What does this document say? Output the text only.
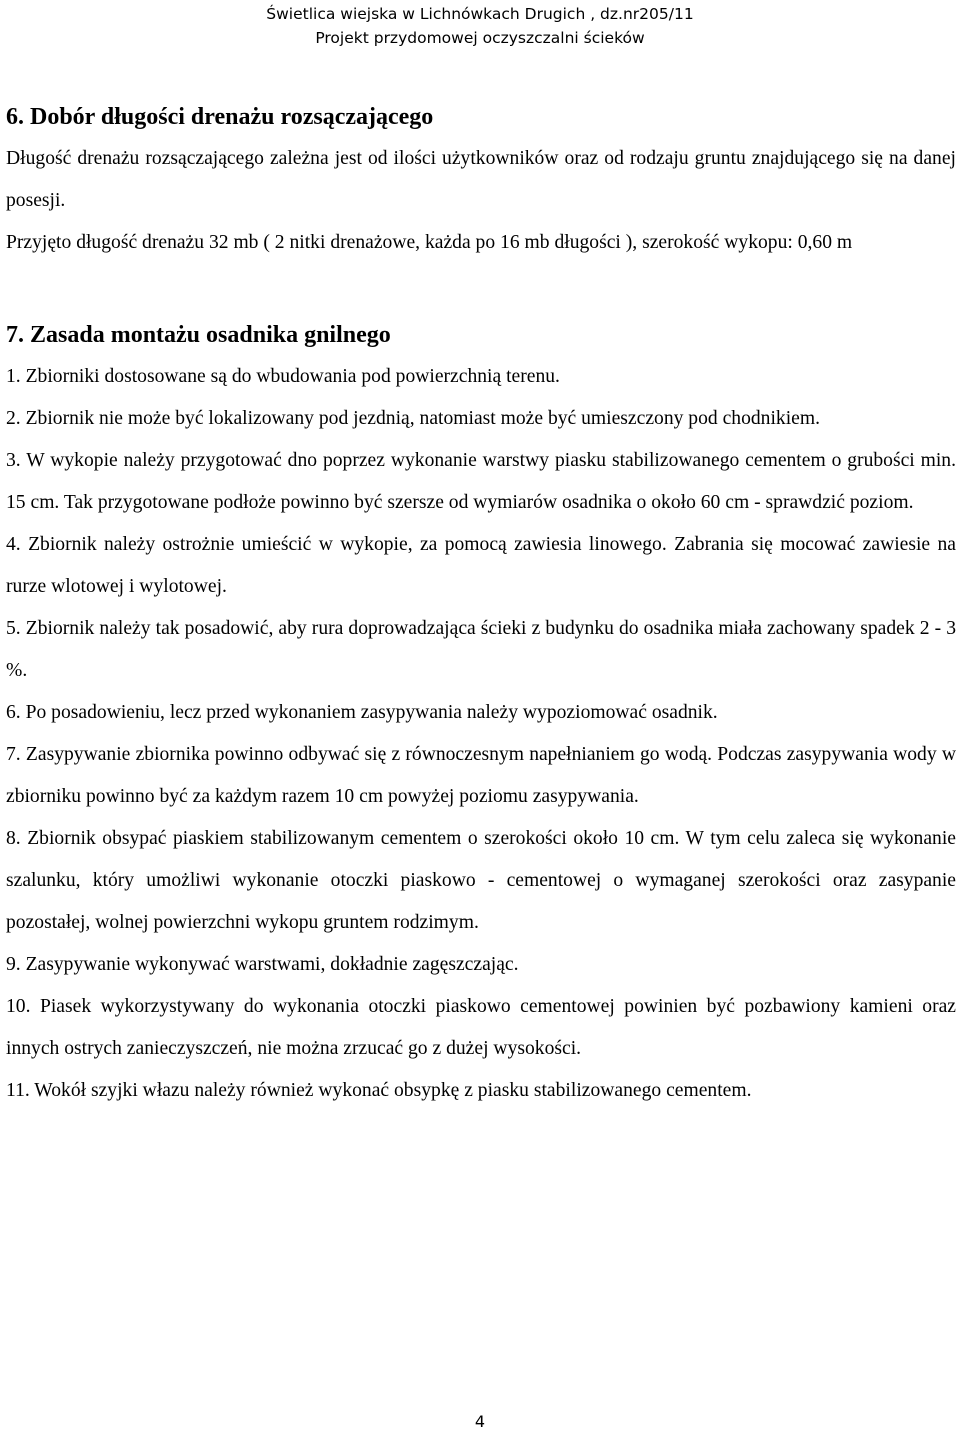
Świetlica wiejska w Lichnówkach Drugich , dz.nr205/11
Projekt przydomowej oczyszczalni ścieków
6. Dobór długości drenażu rozsączającego

Długość drenażu rozsączającego zależna jest od ilości użytkowników oraz od rodzaju gruntu znajdującego się na danej posesji.

Przyjęto długość drenażu 32 mb ( 2 nitki drenażowe, każda po 16 mb długości ), szerokość wykopu: 0,60 m

7. Zasada montażu osadnika gnilnego

1. Zbiorniki dostosowane są do wbudowania pod powierzchnią terenu.

2. Zbiornik nie może być lokalizowany pod jezdnią, natomiast może być umieszczony pod chodnikiem.

3. W wykopie należy przygotować dno poprzez wykonanie warstwy piasku stabilizowanego cementem o grubości min. 15 cm. Tak przygotowane podłoże powinno być szersze od wymiarów osadnika o około 60 cm - sprawdzić poziom.

4. Zbiornik należy ostrożnie umieścić w wykopie, za pomocą zawiesia linowego. Zabrania się mocować zawiesie na rurze wlotowej i wylotowej.

5. Zbiornik należy tak posadowić, aby rura doprowadzająca ścieki z budynku do osadnika miała zachowany spadek 2 - 3 %.

6. Po posadowieniu, lecz przed wykonaniem zasypywania należy wypoziomować osadnik.

7. Zasypywanie zbiornika powinno odbywać się z równoczesnym napełnianiem go wodą. Podczas zasypywania wody w zbiorniku powinno być za każdym razem 10 cm powyżej poziomu zasypywania.

8. Zbiornik obsypać piaskiem stabilizowanym cementem o szerokości około 10 cm. W tym celu zaleca się wykonanie szalunku, który umożliwi wykonanie otoczki piaskowo - cementowej o wymaganej szerokości oraz zasypanie pozostałej, wolnej powierzchni wykopu gruntem rodzimym.

9. Zasypywanie wykonywać warstwami, dokładnie zagęszczając.

10. Piasek wykorzystywany do wykonania otoczki piaskowo cementowej powinien być pozbawiony kamieni oraz innych ostrych zanieczyszczeń, nie można zrzucać go z dużej wysokości.

11. Wokół szyjki włazu należy również wykonać obsypkę z piasku stabilizowanego cementem.

4
